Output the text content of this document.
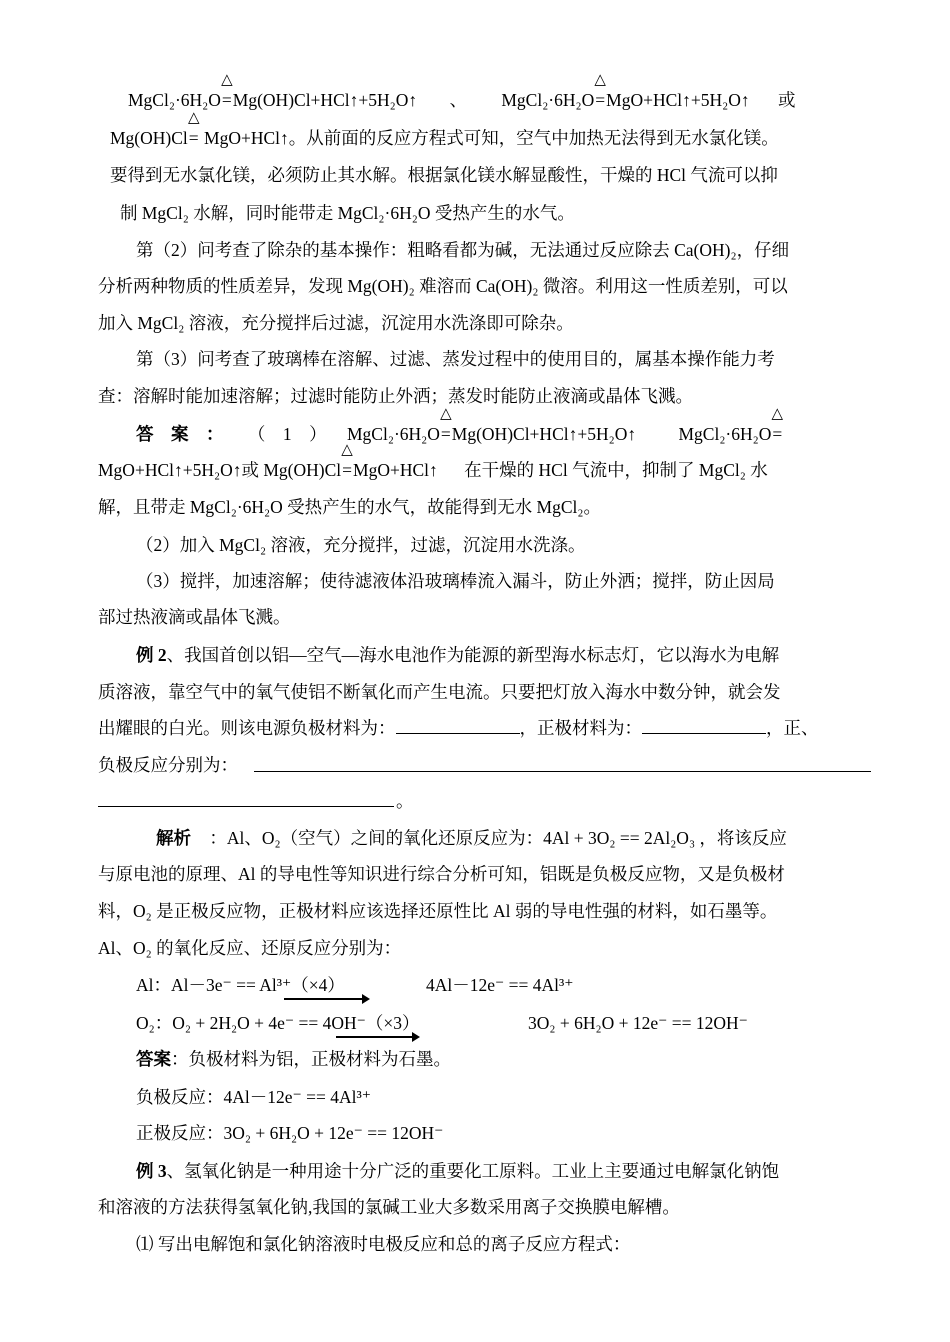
MgCl₂·6H₂O△ =Mg(OH)Cl+HCl↑+5H₂O↑ 、 MgCl₂·6H₂O△ =MgO+HCl↑+5H₂O↑ 或
Mg(OH)Cl△ = MgO+HCl↑。从前面的反应方程式可知，空气中加热无法得到无水氯化镁。
要得到无水氯化镁，必须防止其水解。根据氯化镁水解显酸性，干燥的 HCl 气流可以抑
制 MgCl₂ 水解，同时能带走 MgCl₂·6H₂O 受热产生的水气。
第（2）问考查了除杂的基本操作：粗略看都为碱，无法通过反应除去 Ca(OH)₂，仔细
分析两种物质的性质差异，发现 Mg(OH)₂ 难溶而 Ca(OH)₂ 微溶。利用这一性质差别，可以
加入 MgCl₂ 溶液，充分搅拌后过滤，沉淀用水洗涤即可除杂。
第（3）问考查了玻璃棒在溶解、过滤、蒸发过程中的使用目的，属基本操作能力考
查：溶解时能加速溶解；过滤时能防止外洒；蒸发时能防止液滴或晶体飞溅。
答　案　： （　1　） MgCl₂·6H₂O△ =Mg(OH)Cl+HCl↑+5H₂O↑ MgCl₂·6H₂O△ =
MgO+HCl↑+5H₂O↑或 Mg(OH)Cl△ =MgO+HCl↑ 在干燥的 HCl 气流中，抑制了 MgCl₂ 水
解，且带走 MgCl₂·6H₂O 受热产生的水气，故能得到无水 MgCl₂。
（2）加入 MgCl₂ 溶液，充分搅拌，过滤，沉淀用水洗涤。
（3）搅拌，加速溶解；使待滤液体沿玻璃棒流入漏斗，防止外洒；搅拌，防止因局
部过热液滴或晶体飞溅。
例 2、我国首创以铝—空气—海水电池作为能源的新型海水标志灯，它以海水为电解
质溶液，靠空气中的氧气使铝不断氧化而产生电流。只要把灯放入海水中数分钟，就会发
出耀眼的白光。则该电源负极材料为：	，正极材料为：	，正、
负极反应分别为：
。
解析 ：Al、O₂（空气）之间的氧化还原反应为：4Al + 3O₂ == 2Al₂O₃ ，将该反应
与原电池的原理、Al 的导电性等知识进行综合分析可知，铝既是负极反应物，又是负极材
料，O₂ 是正极反应物，正极材料应该选择还原性比 Al 弱的导电性强的材料，如石墨等。
Al、O₂ 的氧化反应、还原反应分别为：
Al：Al－3e⁻ == Al³⁺（×4）	4Al－12e⁻ == 4Al³⁺
O₂：O₂ + 2H₂O + 4e⁻ == 4OH⁻（×3）	3O₂ + 6H₂O + 12e⁻ == 12OH⁻
答案：负极材料为铝，正极材料为石墨。
负极反应：4Al－12e⁻ == 4Al³⁺
正极反应：3O₂ + 6H₂O + 12e⁻ == 12OH⁻
例 3、氢氧化钠是一种用途十分广泛的重要化工原料。工业上主要通过电解氯化钠饱
和溶液的方法获得氢氧化钠,我国的氯碱工业大多数采用离子交换膜电解槽。
⑴ 写出电解饱和氯化钠溶液时电极反应和总的离子反应方程式：
